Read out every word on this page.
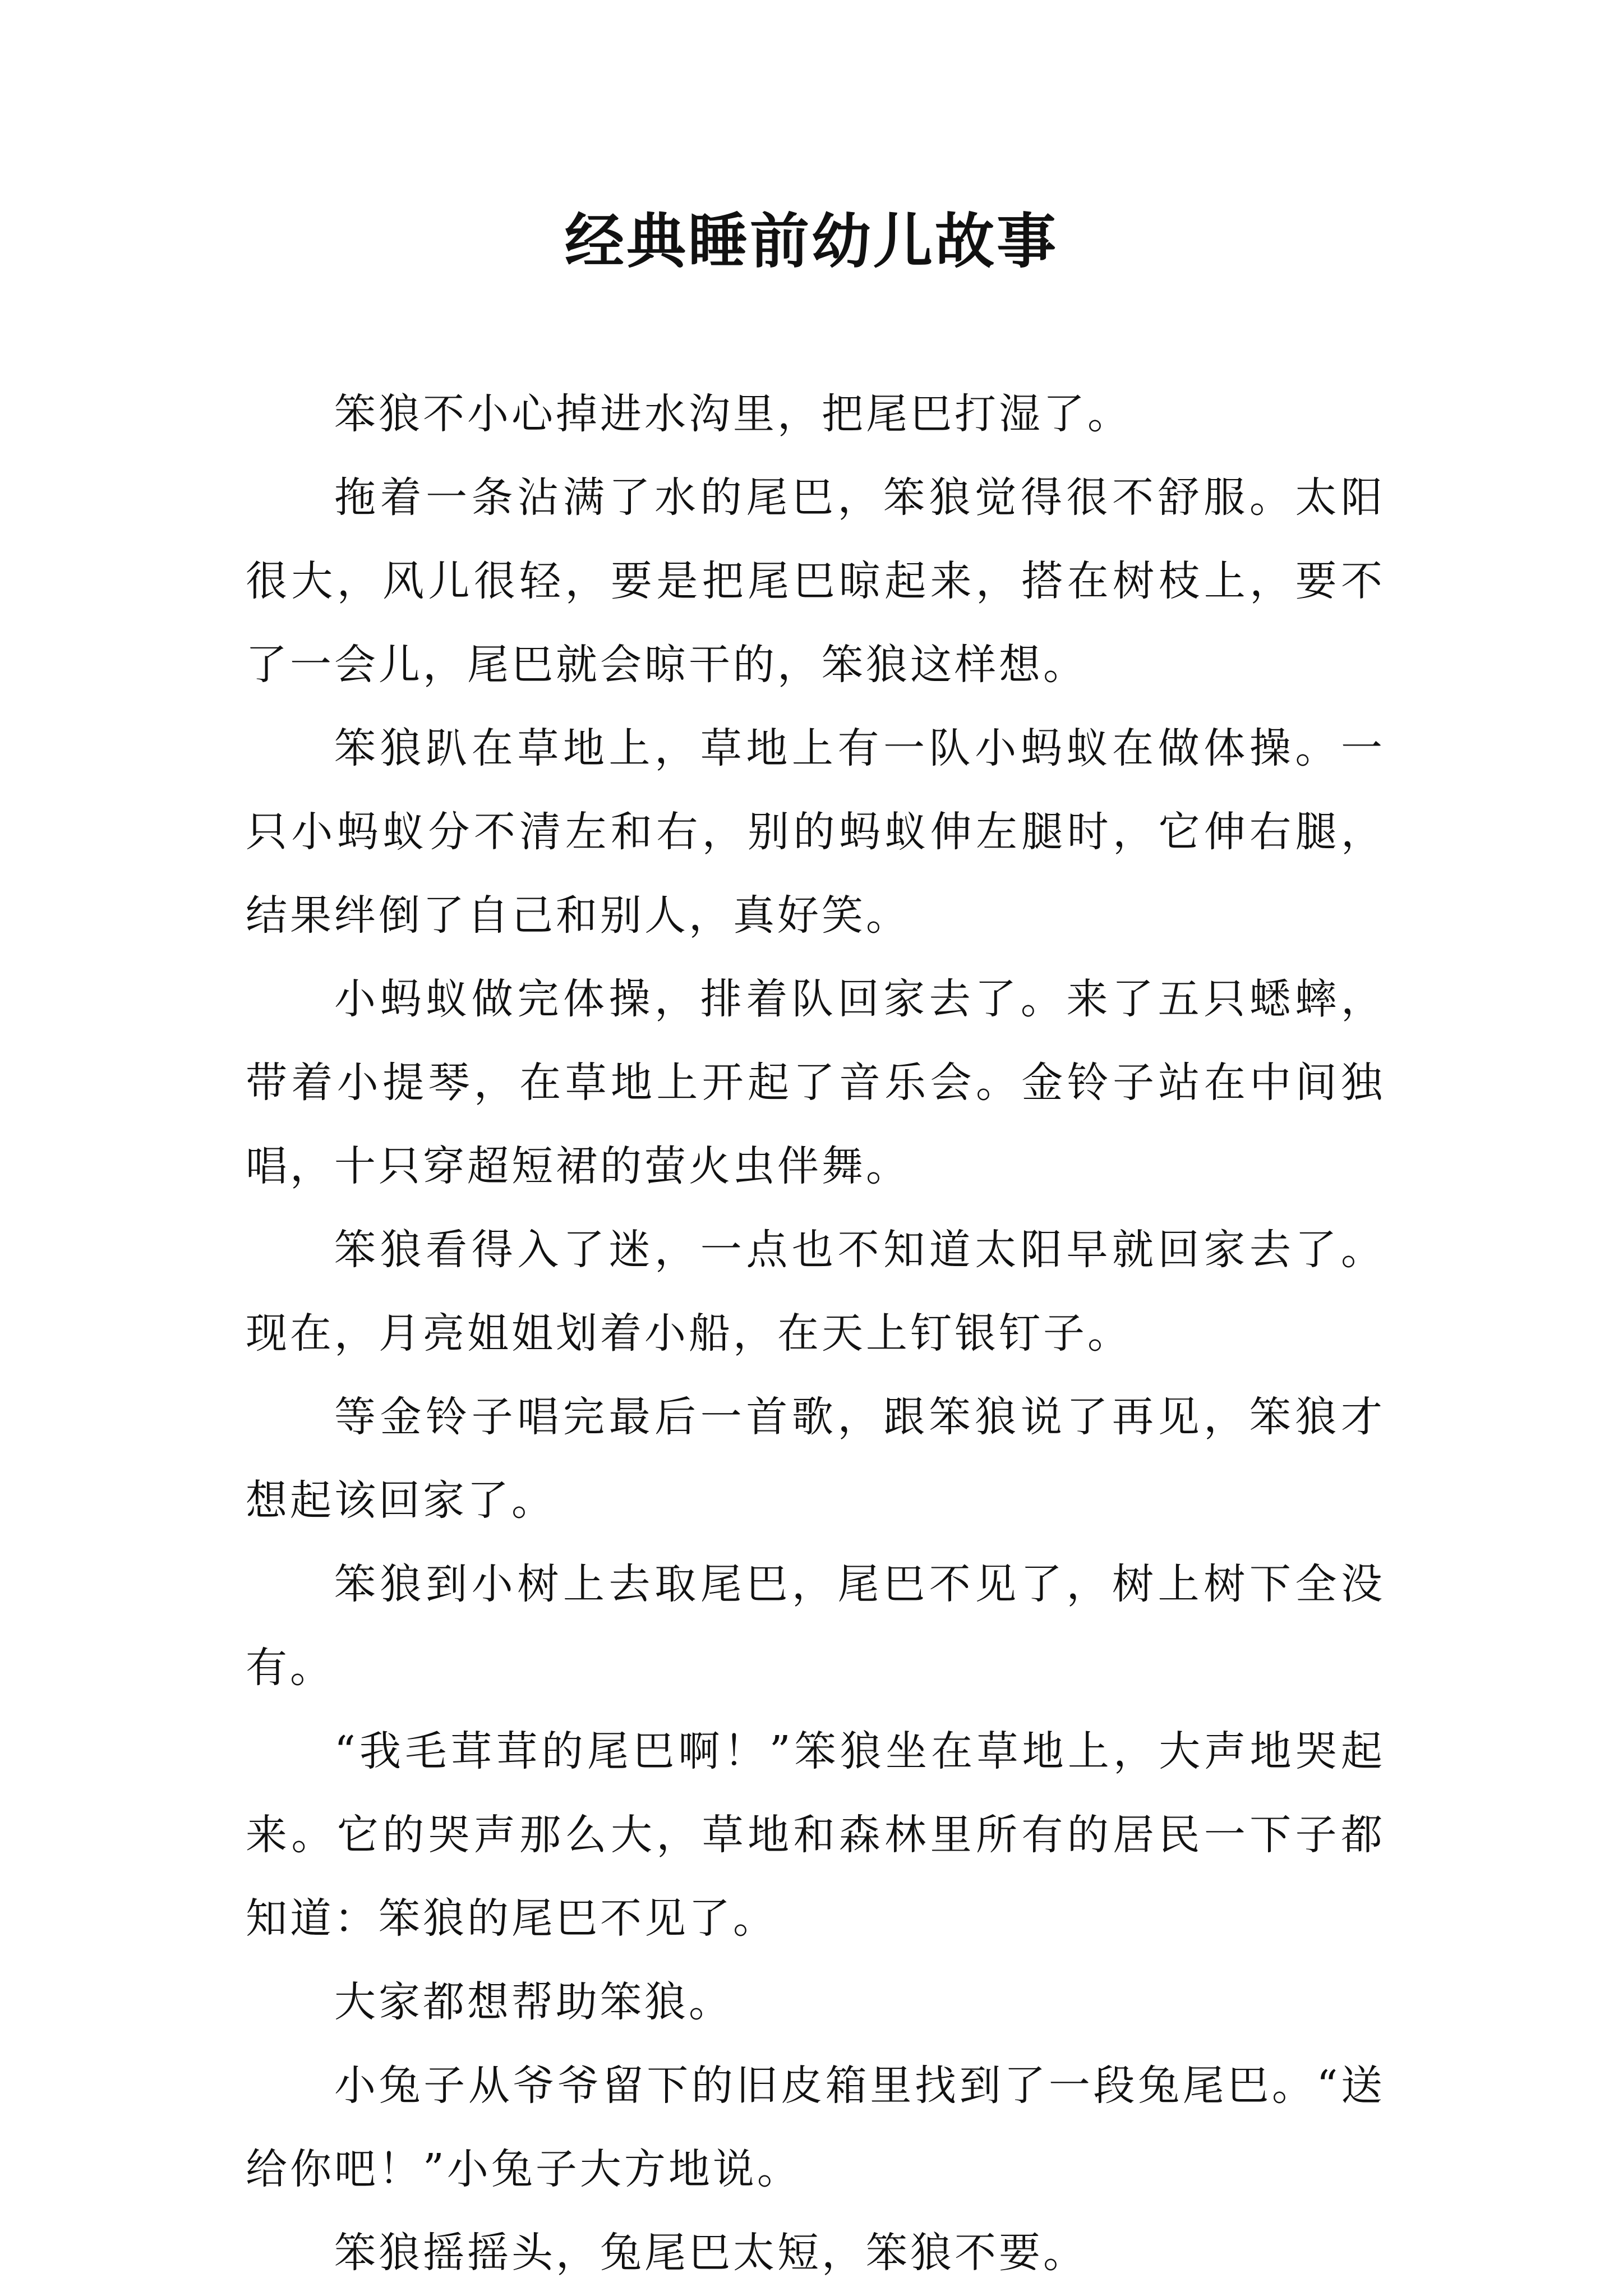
经典睡前幼儿故事

笨狼不小心掉进水沟里，把尾巴打湿了。

拖着一条沾满了水的尾巴，笨狼觉得很不舒服。太阳很大，风儿很轻，要是把尾巴晾起来，搭在树枝上，要不了一会儿，尾巴就会晾干的，笨狼这样想。

笨狼趴在草地上，草地上有一队小蚂蚁在做体操。一只小蚂蚁分不清左和右，别的蚂蚁伸左腿时，它伸右腿，结果绊倒了自己和别人，真好笑。

小蚂蚁做完体操，排着队回家去了。来了五只蟋蟀，带着小提琴，在草地上开起了音乐会。金铃子站在中间独唱，十只穿超短裙的萤火虫伴舞。

笨狼看得入了迷，一点也不知道太阳早就回家去了。现在，月亮姐姐划着小船，在天上钉银钉子。

等金铃子唱完最后一首歌，跟笨狼说了再见，笨狼才想起该回家了。

笨狼到小树上去取尾巴，尾巴不见了，树上树下全没有。

“我毛茸茸的尾巴啊！”笨狼坐在草地上，大声地哭起来。它的哭声那么大，草地和森林里所有的居民一下子都知道：笨狼的尾巴不见了。

大家都想帮助笨狼。

小兔子从爷爷留下的旧皮箱里找到了一段兔尾巴。“送给你吧！”小兔子大方地说。

笨狼摇摇头，兔尾巴太短，笨狼不要。
